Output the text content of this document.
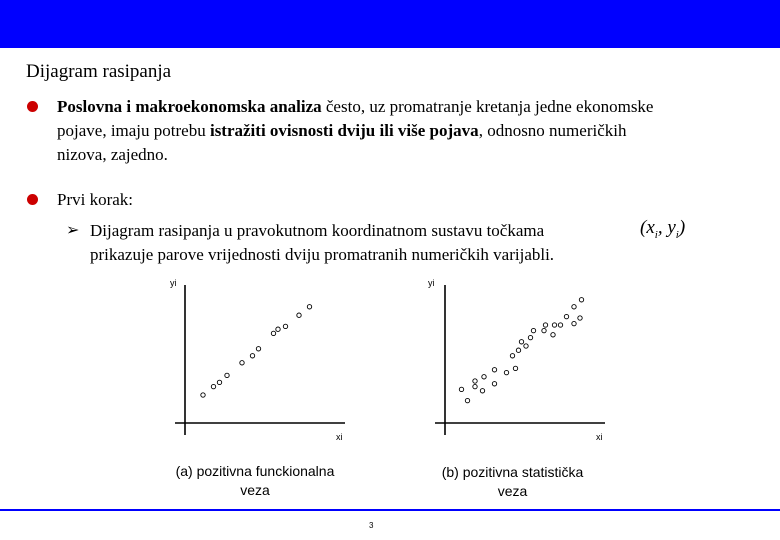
Dijagram rasipanja
Poslovna i makroekonomska analiza često, uz promatranje kretanja jedne ekonomske
pojave, imaju potrebu istražiti ovisnosti dviju ili više pojava, odnosno numeričkih
nizova, zajedno.
Prvi korak:
➢ Dijagram rasipanja u pravokutnom koordinatnom sustavu točkama
prikazuje parove vrijednosti dviju promatranih numeričkih varijabli.
($x_i$, $y_i$)
yi
xi
yi
xi
(a) pozitivna funckionalna
veza
(b) pozitivna statistička
veza
3
